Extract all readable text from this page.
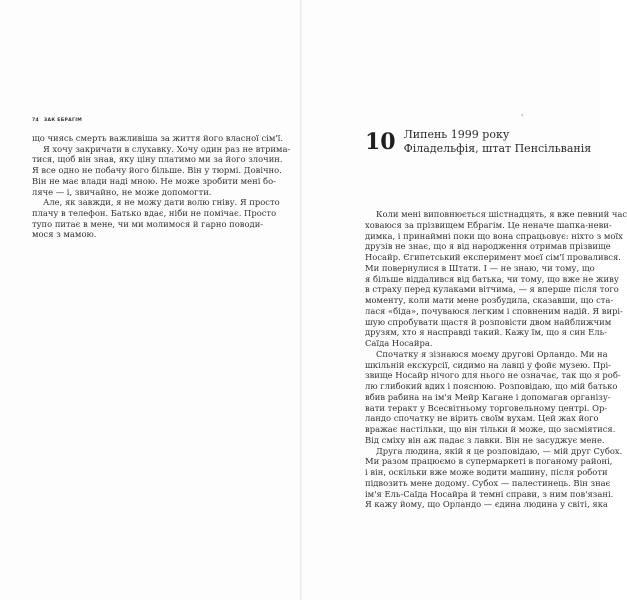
74 ЗАК ЕБРАГІМ
що чиясь смерть важливіша за життя його власної сім'ї.
Я хочу закричати в слухавку. Хочу один раз не втрима-
тися, щоб він знав, яку ціну платимо ми за його злочин.
Я все одно не побачу його більше. Він у тюрмі. Довічно.
Він не має влади наді мною. Не може зробити мені бо-
ляче — і, звичайно, не може допомогти.
Але, як завжди, я не можу дати волю гніву. Я просто
плачу в телефон. Батько вдає, ніби не помічає. Просто
тупо питає в мене, чи ми молимося й гарно поводи-
мося з мамою.
›
10 Липень 1999 року
Філадельфія, штат Пенсільванія
Коли мені виповнюється шістнадцять, я вже певний час
ховаюся за прізвищем Ебрагім. Це неначе шапка-неви-
димка, і принаймні поки що вона спрацьовує: ніхто з моїх
друзів не знає, що я від народження отримав прізвище
Носайр. Єгипетський експеримент моєї сім'ї провалився.
Ми повернулися в Штати. І — не знаю, чи тому, що
я більше віддалився від батька, чи тому, що вже не живу
в страху перед кулаками вітчима, — я вперше після того
моменту, коли мати мене розбудила, сказавши, що ста-
лася «біда», почуваюся легким і сповненим надій. Я вирі-
шую спробувати щастя й розповісти двом найближчим
друзям, хто я насправді такий. Кажу їм, що я син Ель-
Саїда Носайра.
Спочатку я зізнаюся моєму другові Орландо. Ми на
шкільній екскурсії, сидимо на лавці у фойє музею. Прі-
звище Носайр нічого для нього не означає, так що я роб-
лю глибокий вдих і пояснюю. Розповідаю, що мій батько
вбив рабина на ім'я Мейр Кагане і допомагав організу-
вати теракт у Всесвітньому торговельному центрі. Ор-
ландо спочатку не вірить своїм вухам. Цей жах його
вражає настільки, що він тільки й може, що засміятися.
Від сміху він аж падає з лавки. Він не засуджує мене.
Друга людина, якій я це розповідаю, — мій друг Субох.
Ми разом працюємо в супермаркеті в поганому районі,
і він, оскільки вже може водити машину, після роботи
підвозить мене додому. Субох — палестинець. Він знає
ім'я Ель-Саїда Носайра й темні справи, з ним пов'язані.
Я кажу йому, що Орландо — єдина людина у світі, яка
